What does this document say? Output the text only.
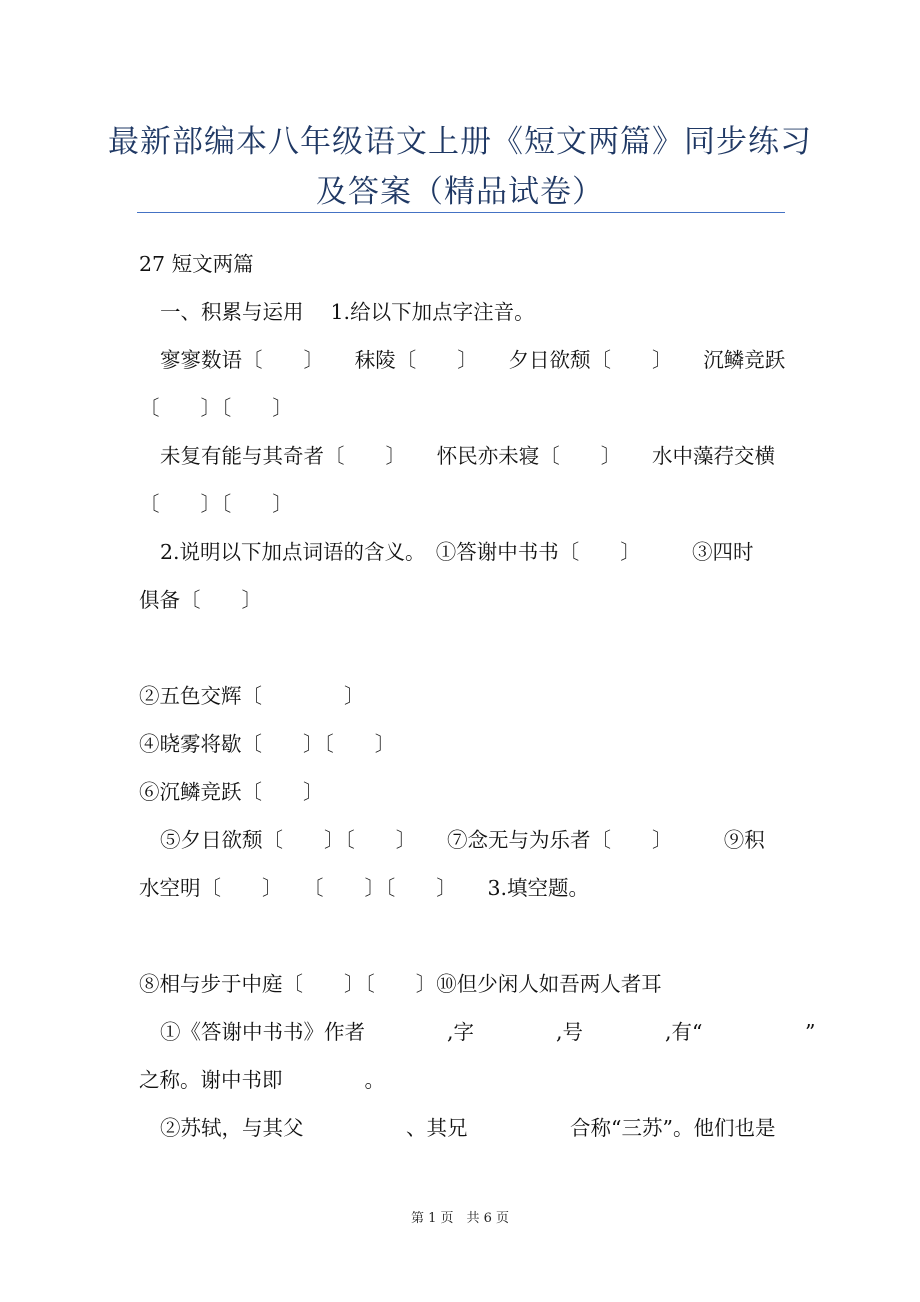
最新部编本八年级语文上册《短文两篇》同步练习
及答案（精品试卷）
27 短文两篇
一、积累与运用　 1.给以下加点字注音。
寥寥数语〔　　〕　　秣陵〔　　〕　　夕日欲颓〔　　〕　　沉鳞竞跃
〔　　〕〔　　〕
未复有能与其奇者〔　　〕　　怀民亦未寝〔　　〕　　水中藻荇交横
〔　　〕〔　　〕
2.说明以下加点词语的含义。　①答谢中书书〔　　〕　　　③四时
俱备〔　　〕
②五色交辉〔　　　　〕
④晓雾将歇〔　　〕〔　　〕
⑥沉鳞竞跃〔　　〕
⑤夕日欲颓〔　　〕〔　　〕　　⑦念无与为乐者〔　　〕　　　⑨积
水空明〔　　〕　　〔　　〕〔　　〕　　3.填空题。
⑧相与步于中庭〔　　〕〔　　〕⑩但少闲人如吾两人者耳
①《答谢中书书》作者　　　　,字　　　　,号　　　　,有“　　　　　”
之称。谢中书即　　　　。
②苏轼，与其父　　　　　、其兄　　　　　合称“三苏”。他们也是
第 1 页　共 6 页
